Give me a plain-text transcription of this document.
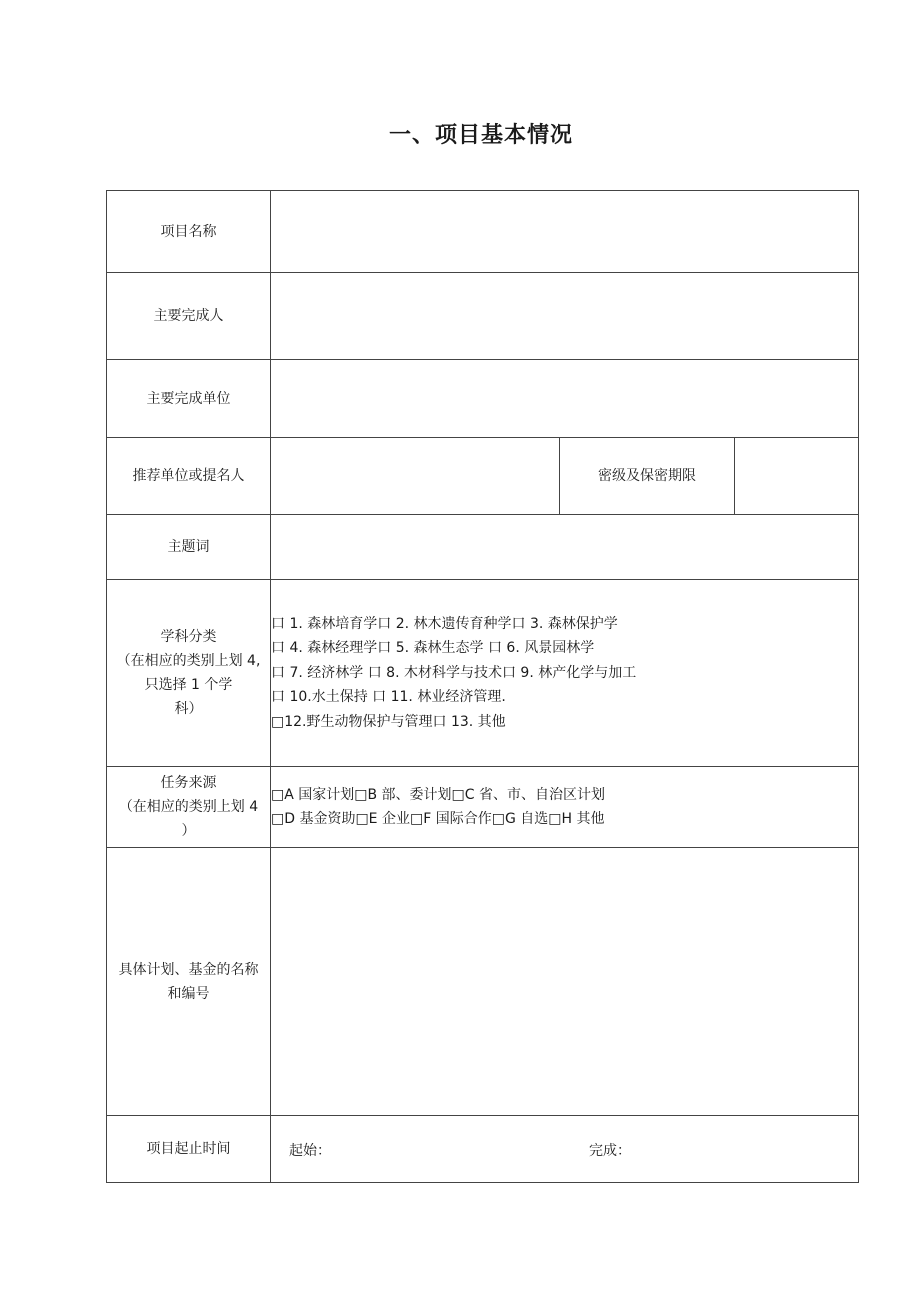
一、项目基本情况
项目名称			
主要完成人			
主要完成单位			
推荐单位或提名人		密级及保密期限	
主题词			

学科分类
（在相应的类别上划 4,
只选择 1 个学
科）	口 1. 森林培育学口 2. 林木遗传育种学口 3. 森林保护学
口 4. 森林经理学口 5. 森林生态学 口 6. 风景园林学
口 7. 经济林学 口 8. 木材科学与技术口 9. 林产化学与加工
口 10.水土保持 口 11. 林业经济管理.
□12.野生动物保护与管理口 13. 其他		

任务来源
（在相应的类别上划 4
）	□A 国家计划□B 部、委计划□C 省、市、自治区计划
□D 基金资助□E 企业□F 国际合作□G 自选□H 其他		

具体计划、基金的名称
和编号			

项目起止时间	起始： 完成：		
